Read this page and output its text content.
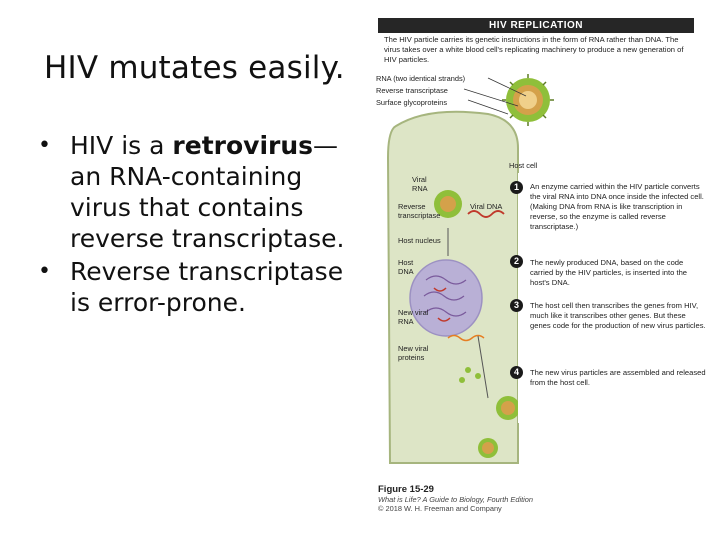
HIV mutates easily.
• HIV is a retrovirus—an RNA-containing virus that contains reverse transcriptase.
• Reverse transcriptase is error-prone.
HIV REPLICATION
The HIV particle carries its genetic instructions in the form of RNA rather than DNA. The virus takes over a white blood cell's replicating machinery to produce a new generation of HIV particles.
RNA (two identical strands)
Reverse transcriptase
Surface glycoproteins
Host cell
Viral RNA
Reverse transcriptase
Viral DNA
Host nucleus
Host DNA
New viral RNA
New viral proteins
1	An enzyme carried within the HIV particle converts the viral RNA into DNA once inside the infected cell. (Making DNA from RNA is like transcription in reverse, so the enzyme is called reverse transcriptase.)
2	The newly produced DNA, based on the code carried by the HIV particles, is inserted into the host's DNA.
3	The host cell then transcribes the genes from HIV, much like it transcribes other genes. But these genes code for the production of new virus particles.
4	The new virus particles are assembled and released from the host cell.
Figure 15-29
What is Life? A Guide to Biology, Fourth Edition
© 2018 W. H. Freeman and Company
